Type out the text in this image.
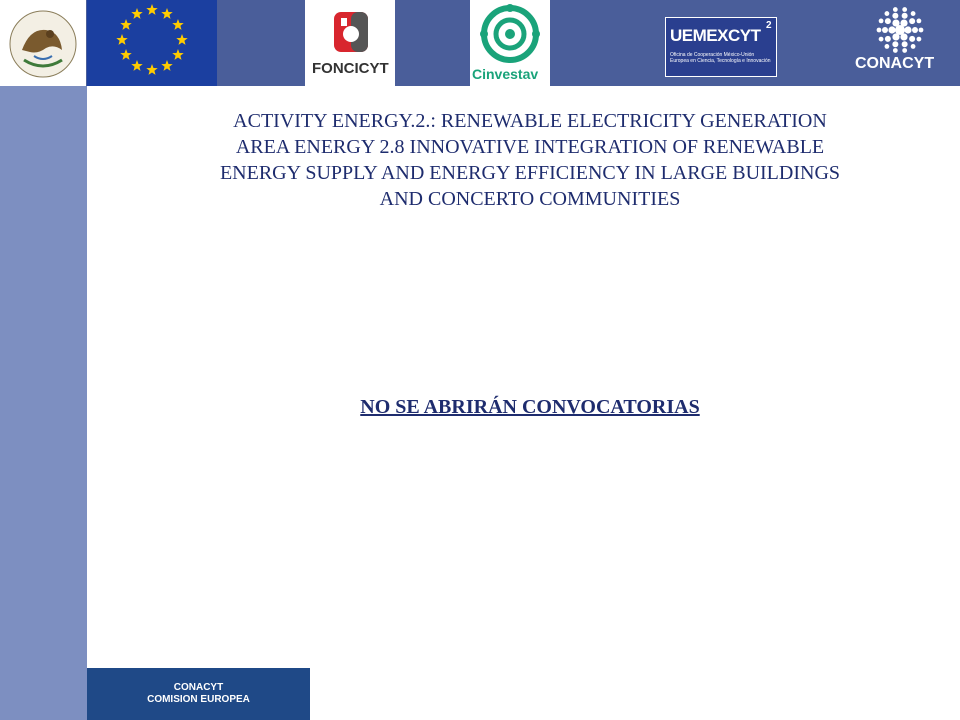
FONCICYT	Cinvestav
UEMEXCYT
2
Oficina de Cooperación México-Unión Europea en Ciencia, Tecnología e Innovación	CONACYT
ACTIVITY ENERGY.2.: RENEWABLE ELECTRICITY GENERATION
AREA ENERGY 2.8 INNOVATIVE INTEGRATION OF RENEWABLE
ENERGY SUPPLY AND ENERGY EFFICIENCY IN LARGE BUILDINGS
AND CONCERTO COMMUNITIES
NO SE ABRIRÁN CONVOCATORIAS
CONACYT
COMISION EUROPEA
